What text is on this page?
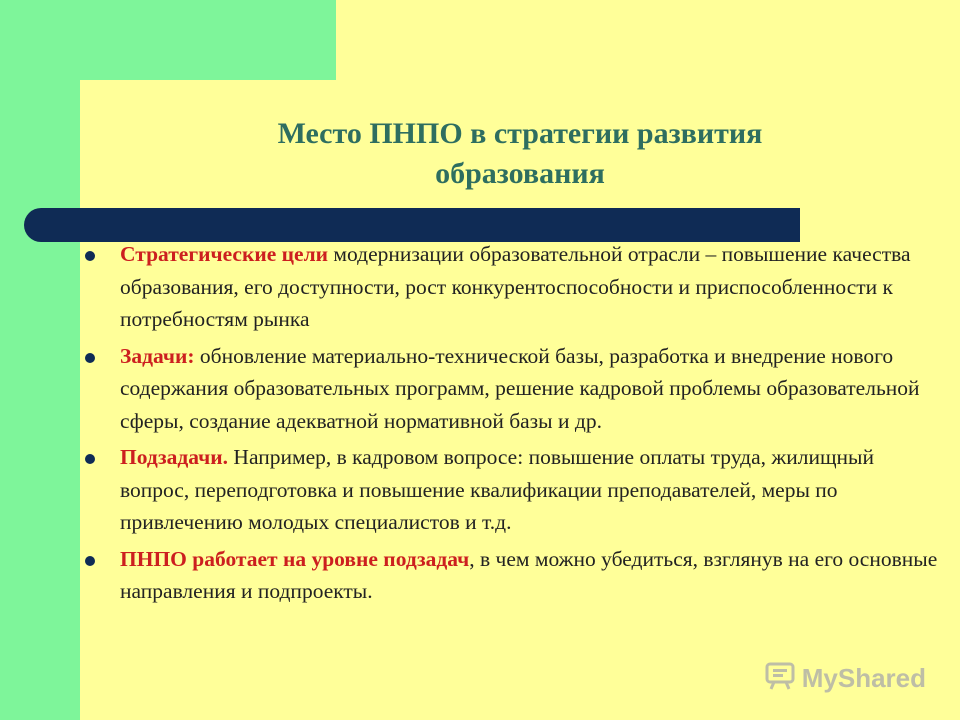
Место ПНПО в стратегии развития образования
Стратегические цели модернизации образовательной отрасли – повышение качества образования, его доступности, рост конкурентоспособности и приспособленности к потребностям рынка
Задачи: обновление материально-технической базы, разработка и внедрение нового содержания образовательных программ, решение кадровой проблемы образовательной сферы, создание адекватной нормативной базы и др.
Подзадачи. Например, в кадровом вопросе: повышение оплаты труда, жилищный вопрос, переподготовка и повышение квалификации преподавателей, меры по привлечению молодых специалистов и т.д.
ПНПО работает на уровне подзадач, в чем можно убедиться, взглянув на его основные направления и подпроекты.
MyShared
